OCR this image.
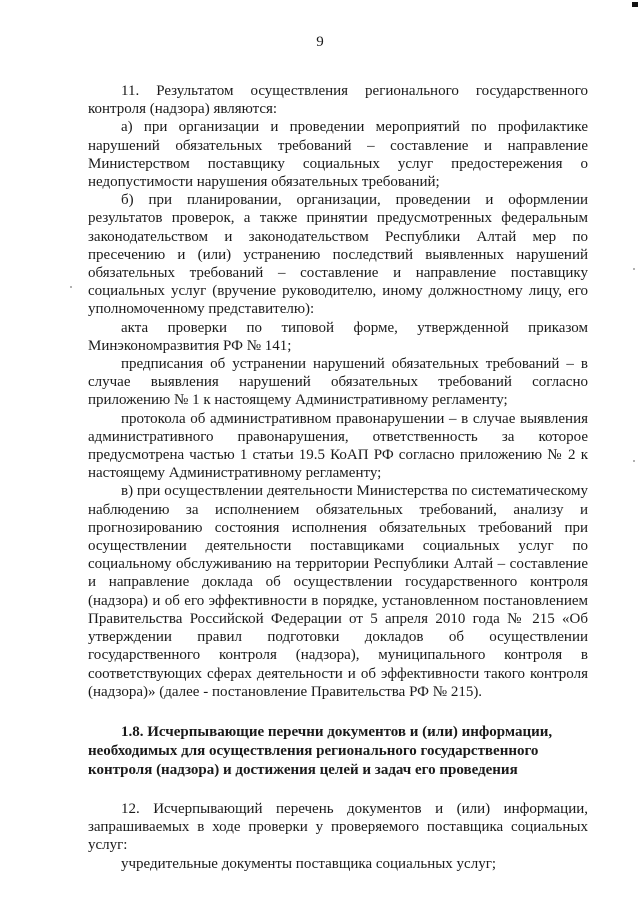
9

11. Результатом осуществления регионального государственного контроля (надзора) являются:

а) при организации и проведении мероприятий по профилактике нарушений обязательных требований – составление и направление Министерством поставщику социальных услуг предостережения о недопустимости нарушения обязательных требований;

б) при планировании, организации, проведении и оформлении результатов проверок, а также принятии предусмотренных федеральным законодательством и законодательством Республики Алтай мер по пресечению и (или) устранению последствий выявленных нарушений обязательных требований – составление и направление поставщику социальных услуг (вручение руководителю, иному должностному лицу, его уполномоченному представителю):

акта проверки по типовой форме, утвержденной приказом Минэкономразвития РФ № 141;

предписания об устранении нарушений обязательных требований – в случае выявления нарушений обязательных требований согласно приложению № 1 к настоящему Административному регламенту;

протокола об административном правонарушении – в случае выявления административного правонарушения, ответственность за которое предусмотрена частью 1 статьи 19.5 КоАП РФ согласно приложению № 2 к настоящему Административному регламенту;

в) при осуществлении деятельности Министерства по систематическому наблюдению за исполнением обязательных требований, анализу и прогнозированию состояния исполнения обязательных требований при осуществлении деятельности поставщиками социальных услуг по социальному обслуживанию на территории Республики Алтай – составление и направление доклада об осуществлении государственного контроля (надзора) и об его эффективности в порядке, установленном постановлением Правительства Российской Федерации от 5 апреля 2010 года № 215 «Об утверждении правил подготовки докладов об осуществлении государственного контроля (надзора), муниципального контроля в соответствующих сферах деятельности и об эффективности такого контроля (надзора)» (далее - постановление Правительства РФ № 215).

1.8. Исчерпывающие перечни документов и (или) информации, необходимых для осуществления регионального государственного контроля (надзора) и достижения целей и задач его проведения

12. Исчерпывающий перечень документов и (или) информации, запрашиваемых в ходе проверки у проверяемого поставщика социальных услуг:

учредительные документы поставщика социальных услуг;
